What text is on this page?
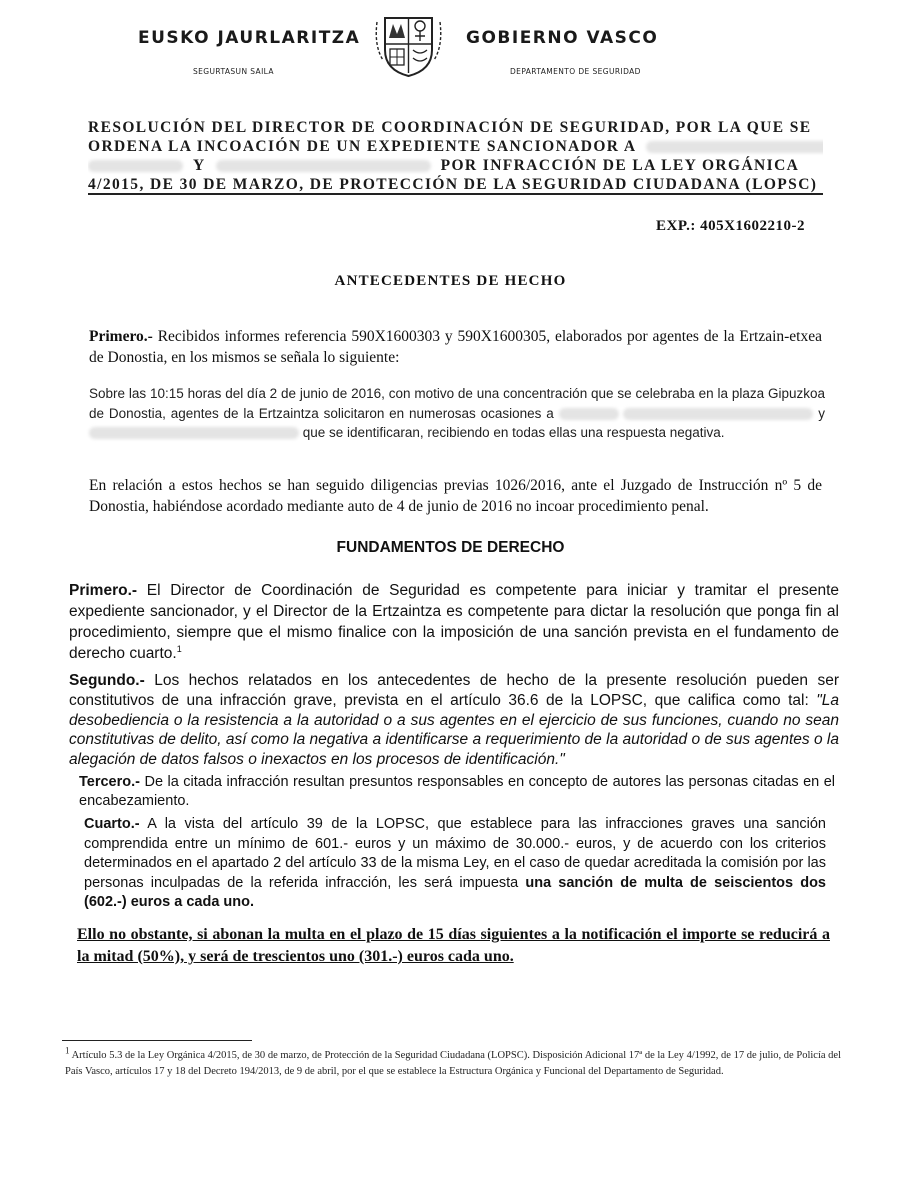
EUSKO JAURLARITZA
SEGURTASUN SAILA
GOBIERNO VASCO
DEPARTAMENTO DE SEGURIDAD
RESOLUCIÓN DEL DIRECTOR DE COORDINACIÓN DE SEGURIDAD, POR LA QUE SE
ORDENA LA INCOACIÓN DE UN EXPEDIENTE SANCIONADOR A
Y	POR INFRACCIÓN DE LA LEY ORGÁNICA
4/2015, DE 30 DE MARZO, DE PROTECCIÓN DE LA SEGURIDAD CIUDADANA (LOPSC)
EXP.: 405X1602210-2
ANTECEDENTES DE HECHO
Primero.- Recibidos informes referencia 590X1600303 y 590X1600305, elaborados por agentes de la Ertzain-etxea de Donostia, en los mismos se señala lo siguiente:
Sobre las 10:15 horas del día 2 de junio de 2016, con motivo de una concentración que se celebraba en la plaza Gipuzkoa de Donostia, agentes de la Ertzaintza solicitaron en numerosas ocasiones a	y  que se identificaran, recibiendo en todas ellas una respuesta negativa.
En relación a estos hechos se han seguido diligencias previas 1026/2016, ante el Juzgado de Instrucción nº 5 de Donostia, habiéndose acordado mediante auto de 4 de junio de 2016 no incoar procedimiento penal.
FUNDAMENTOS DE DERECHO
Primero.- El Director de Coordinación de Seguridad es competente para iniciar y tramitar el presente expediente sancionador, y el Director de la Ertzaintza es competente para dictar la resolución que ponga fin al procedimiento, siempre que el mismo finalice con la imposición de una sanción prevista en el fundamento de derecho cuarto.$^1$
Segundo.- Los hechos relatados en los antecedentes de hecho de la presente resolución pueden ser constitutivos de una infracción grave, prevista en el artículo 36.6 de la LOPSC, que califica como tal: "La desobediencia o la resistencia a la autoridad o a sus agentes en el ejercicio de sus funciones, cuando no sean constitutivas de delito, así como la negativa a identificarse a requerimiento de la autoridad o de sus agentes o la alegación de datos falsos o inexactos en los procesos de identificación."
Tercero.- De la citada infracción resultan presuntos responsables en concepto de autores las personas citadas en el encabezamiento.
Cuarto.- A la vista del artículo 39 de la LOPSC, que establece para las infracciones graves una sanción comprendida entre un mínimo de 601.- euros y un máximo de 30.000.- euros, y de acuerdo con los criterios determinados en el apartado 2 del artículo 33 de la misma Ley, en el caso de quedar acreditada la comisión por las personas inculpadas de la referida infracción, les será impuesta una sanción de multa de seiscientos dos (602.-) euros a cada uno.
Ello no obstante, si abonan la multa en el plazo de 15 días siguientes a la notificación el importe se reducirá a la mitad (50%), y será de trescientos uno (301.-) euros cada uno.
1 Artículo 5.3 de la Ley Orgánica 4/2015, de 30 de marzo, de Protección de la Seguridad Ciudadana (LOPSC). Disposición Adicional 17ª de la Ley 4/1992, de 17 de julio, de Policía del País Vasco, artículos 17 y 18 del Decreto 194/2013, de 9 de abril, por el que se establece la Estructura Orgánica y Funcional del Departamento de Seguridad.
